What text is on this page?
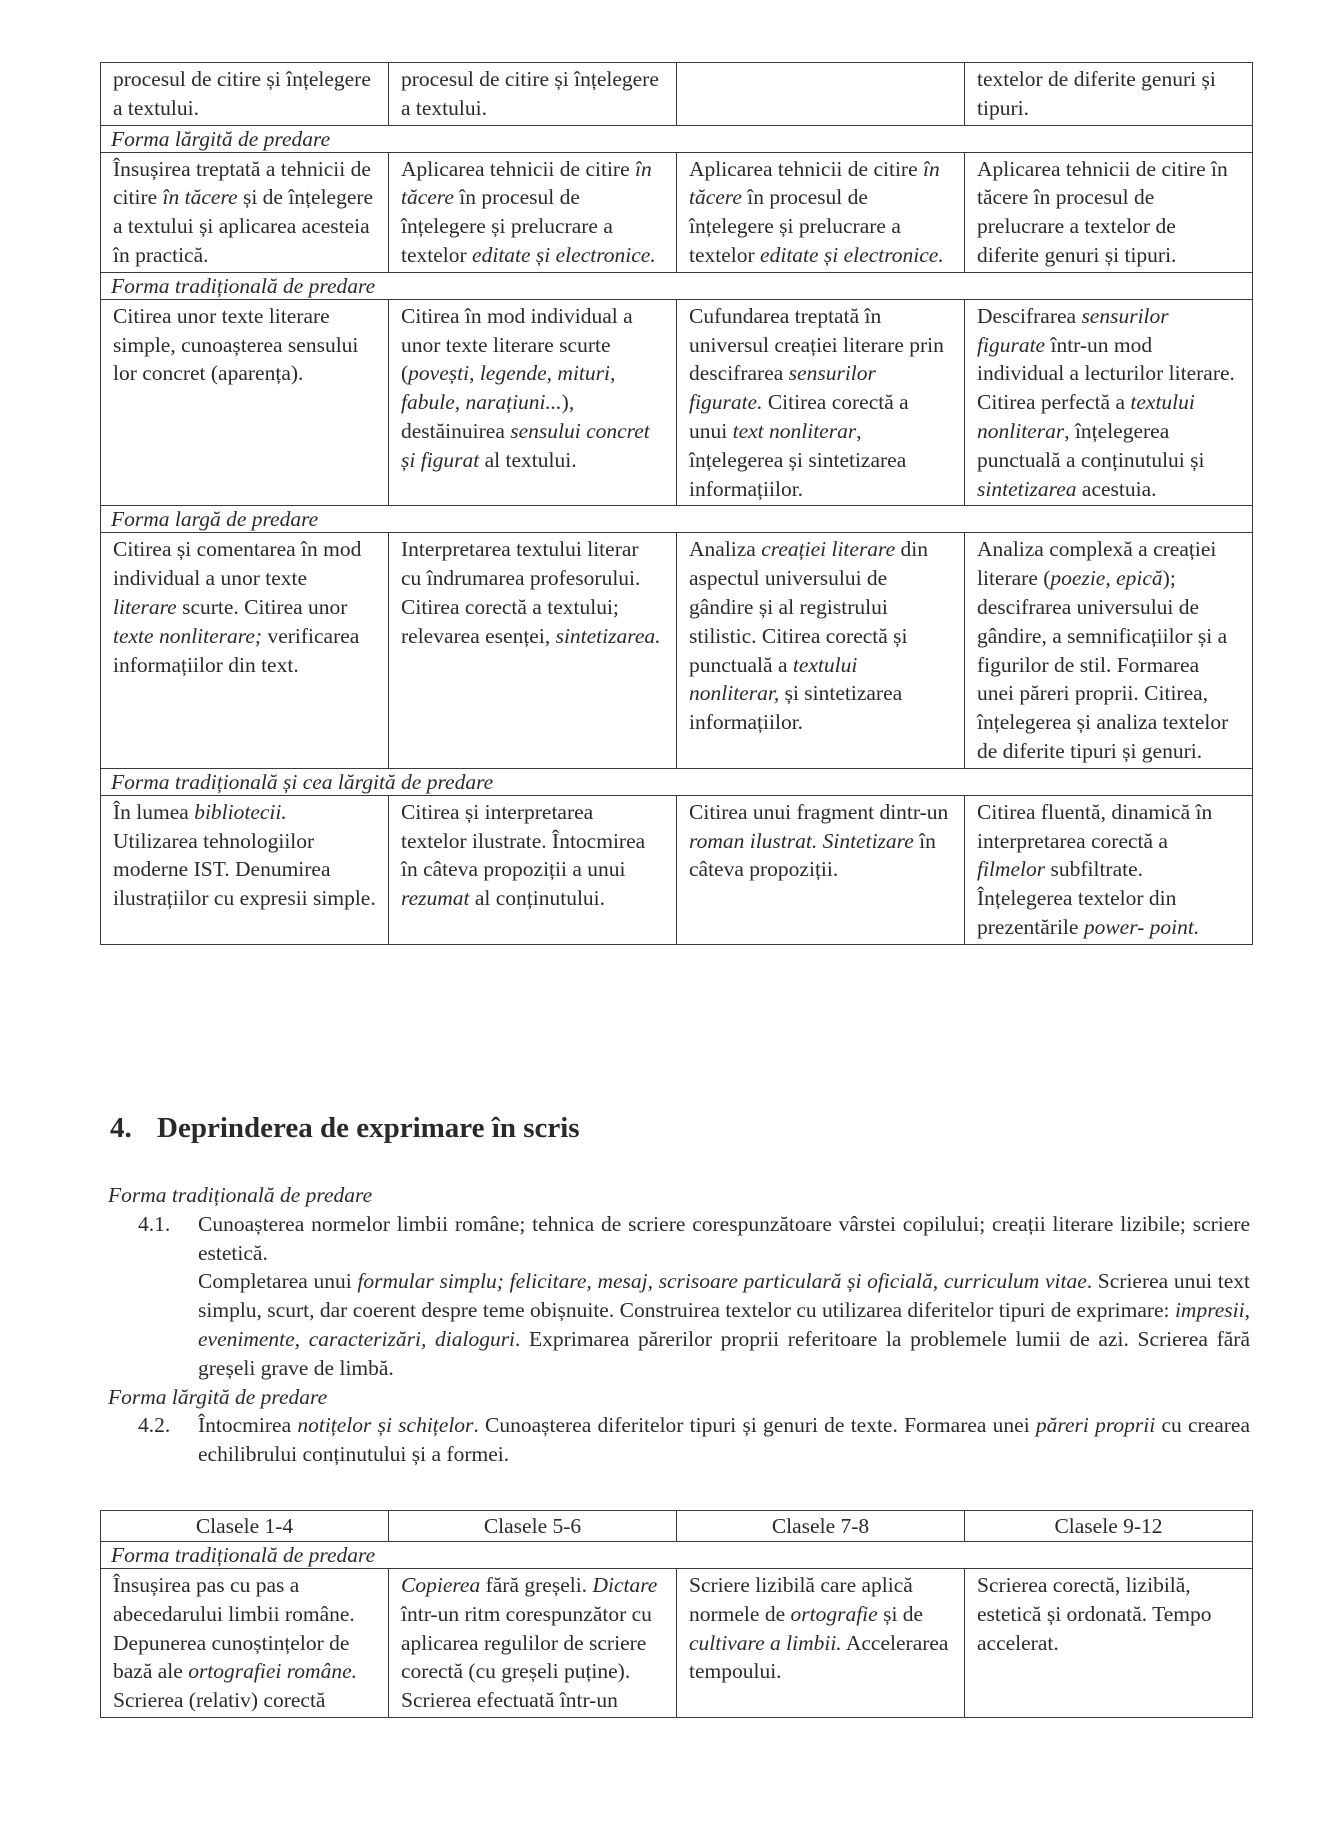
procesul de citire și înțelegere a textului.	procesul de citire și înțelegere a textului.		textelor de diferite genuri și tipuri.
Forma lărgită de predare			
Însușirea treptată a tehnicii de citire în tăcere și de înțelegere a textului și aplicarea acesteia în practică.	Aplicarea tehnicii de citire în tăcere în procesul de înțelegere și prelucrare a textelor editate și electronice.	Aplicarea tehnicii de citire în tăcere în procesul de înțelegere și prelucrare a textelor editate și electronice.	Aplicarea tehnicii de citire în tăcere în procesul de prelucrare a textelor de diferite genuri și tipuri.
Forma tradițională de predare			
Citirea unor texte literare simple, cunoașterea sensului lor concret (aparența).	Citirea în mod individual a unor texte literare scurte (povești, legende, mituri, fabule, narațiuni...), destăinuirea sensului concret și figurat al textului.	Cufundarea treptată în universul creației literare prin descifrarea sensurilor figurate. Citirea corectă a unui text nonliterar, înțelegerea și sintetizarea informațiilor.	Descifrarea sensurilor figurate într-un mod individual a lecturilor literare. Citirea perfectă a textului nonliterar, înțelegerea punctuală a conținutului și sintetizarea acestuia.
Forma largă de predare			
Citirea și comentarea în mod individual a unor texte literare scurte. Citirea unor texte nonliterare; verificarea informațiilor din text.	Interpretarea textului literar cu îndrumarea profesorului. Citirea corectă a textului; relevarea esenței, sintetizarea.	Analiza creației literare din aspectul universului de gândire și al registrului stilistic. Citirea corectă și punctuală a textului nonliterar, și sintetizarea informațiilor.	Analiza complexă a creației literare (poezie, epică); descifrarea universului de gândire, a semnificațiilor și a figurilor de stil. Formarea unei păreri proprii. Citirea, înțelegerea și analiza textelor de diferite tipuri și genuri.
Forma tradițională și cea lărgită de predare			
În lumea bibliotecii. Utilizarea tehnologiilor moderne IST. Denumirea ilustrațiilor cu expresii simple.	Citirea și interpretarea textelor ilustrate. Întocmirea în câteva propoziții a unui rezumat al conținutului.	Citirea unui fragment dintr-un roman ilustrat. Sintetizare în câteva propoziții.	Citirea fluentă, dinamică în interpretarea corectă a filmelor subfiltrate. Înțelegerea textelor din prezentările power- point.
4. Deprinderea de exprimare în scris

Forma tradițională de predare

4.1. Cunoașterea normelor limbii române; tehnica de scriere corespunzătoare vârstei copilului; creații literare lizibile; scriere estetică.

Completarea unui formular simplu; felicitare, mesaj, scrisoare particulară și oficială, curriculum vitae. Scrierea unui text simplu, scurt, dar coerent despre teme obișnuite. Construirea textelor cu utilizarea diferitelor tipuri de exprimare: impresii, evenimente, caracterizări, dialoguri. Exprimarea părerilor proprii referitoare la problemele lumii de azi. Scrierea fără greșeli grave de limbă.

Forma lărgită de predare

4.2. Întocmirea notițelor și schițelor. Cunoașterea diferitelor tipuri și genuri de texte. Formarea unei păreri proprii cu crearea echilibrului conținutului și a formei.

Clasele 1-4	Clasele 5-6	Clasele 7-8	Clasele 9-12
Forma tradițională de predare			
Însușirea pas cu pas a abecedarului limbii române. Depunerea cunoștințelor de bază ale ortografiei române. Scrierea (relativ) corectă	Copierea fără greșeli. Dictare într-un ritm corespunzător cu aplicarea regulilor de scriere corectă (cu greșeli puține). Scrierea efectuată într-un	Scriere lizibilă care aplică normele de ortografie și de cultivare a limbii. Accelerarea tempoului.	Scrierea corectă, lizibilă, estetică și ordonată. Tempo accelerat.
